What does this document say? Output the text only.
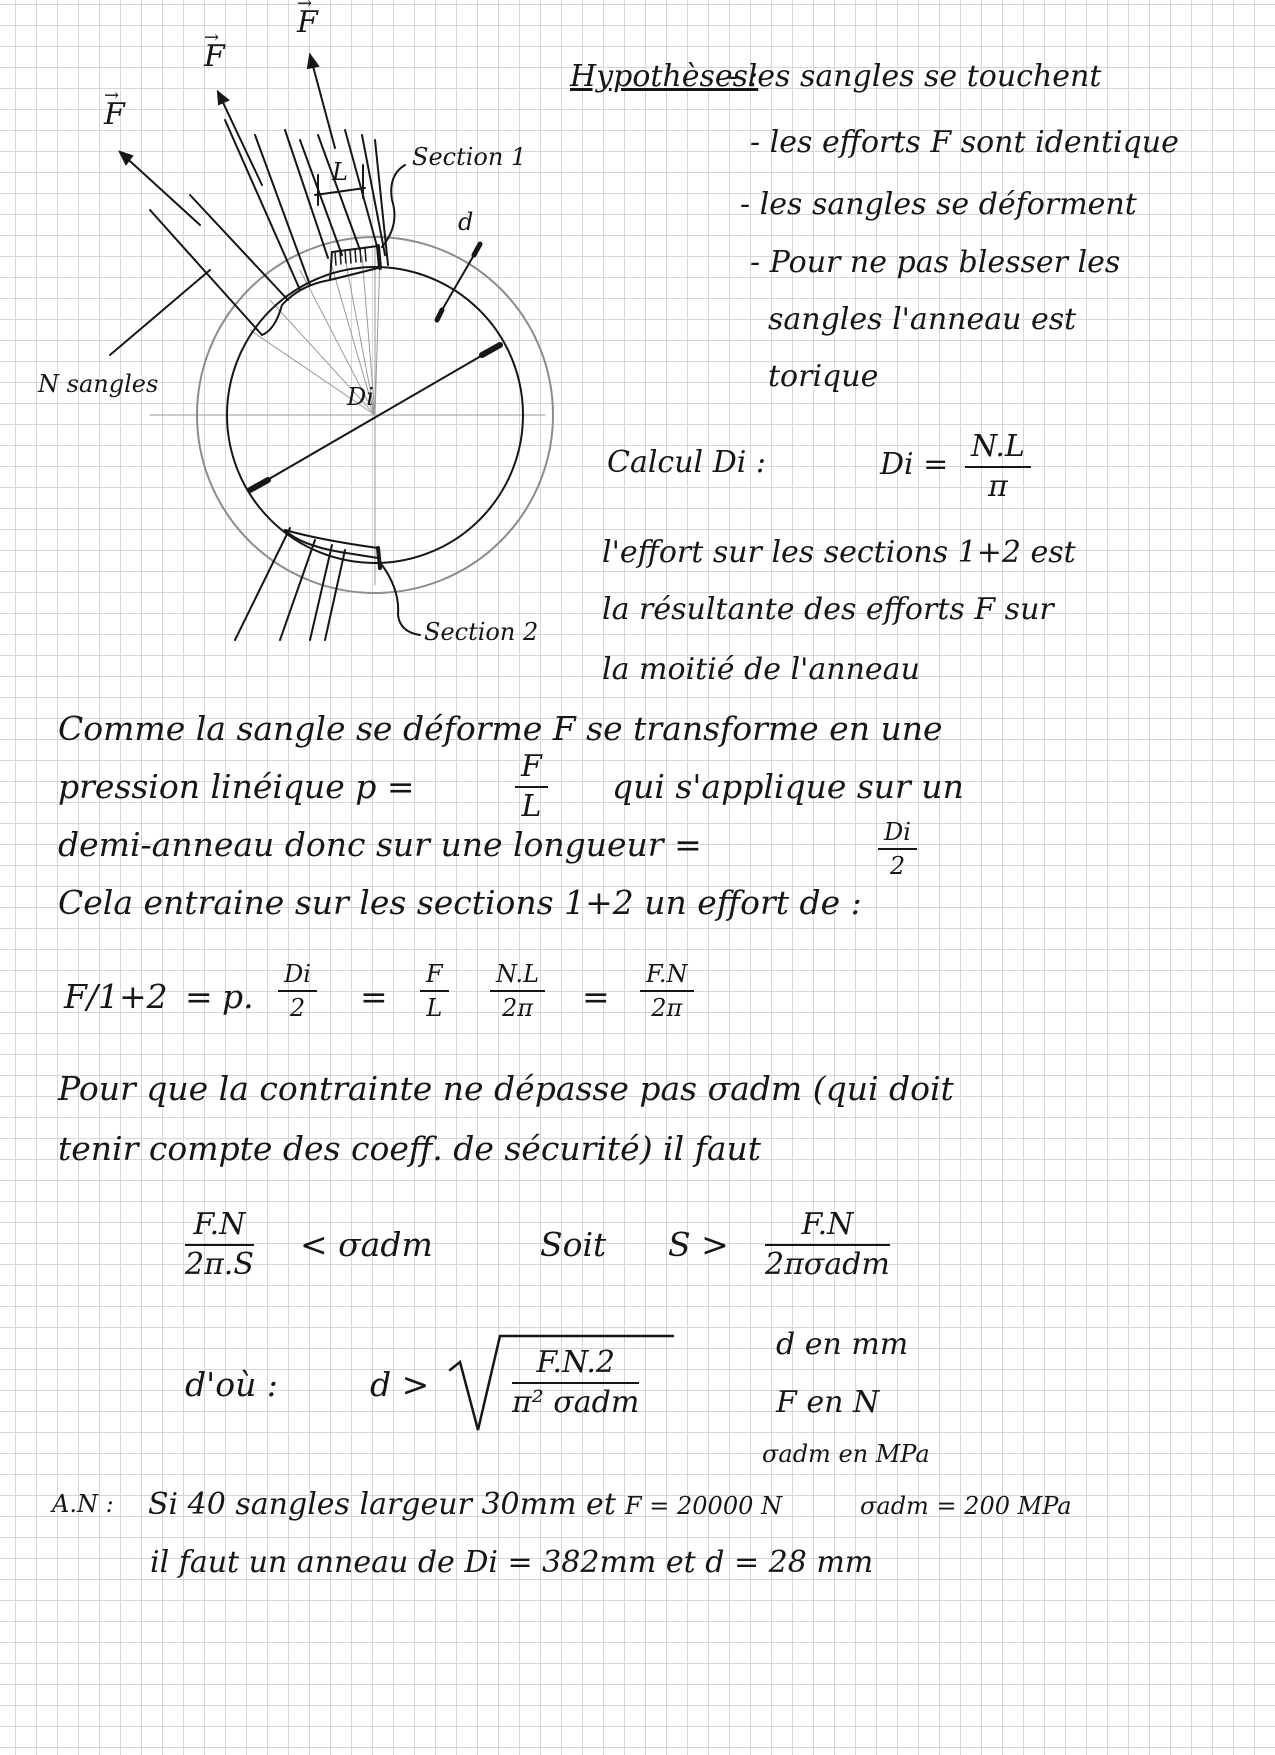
→ F
→ F
→ F
L
Section 1
d
N sangles	Di
Section 2
Hypothèses:
- les sangles se touchent
- les efforts F sont identique
- les sangles se déforment
- Pour ne pas blesser les
sangles l'anneau est
torique
Calcul Di :	$Di = \frac{N.L}{\pi}$
l'effort sur les sections 1+2 est
la résultante des efforts F sur
la moitié de l'anneau
Comme la sangle se déforme F se transforme en une
pression linéique p =	$\frac{F}{L}$ qui s'applique sur un
demi-anneau donc sur une longueur =	$\frac{Di}{2}$
Cela entraine sur les sections 1+2 un effort de :
F/1+2 = p. $\frac{Di}{2} = \frac{F}{L} \frac{N.L}{2\pi} = \frac{F.N}{2\pi}$
Pour que la contrainte ne dépasse pas σadm (qui doit
tenir compte des coeff. de sécurité) il faut
$\frac{F.N}{2\pi.S} < \sigma adm$	Soit S >
F.N
2πσadm
d'où :	d >
F.N.2
π² σadm
d en mm
F en N
σadm en MPa
A.N : Si 40 sangles largeur 30mm et F = 20000 N	σadm = 200 MPa
il faut un anneau de Di = 382mm et d = 28 mm
